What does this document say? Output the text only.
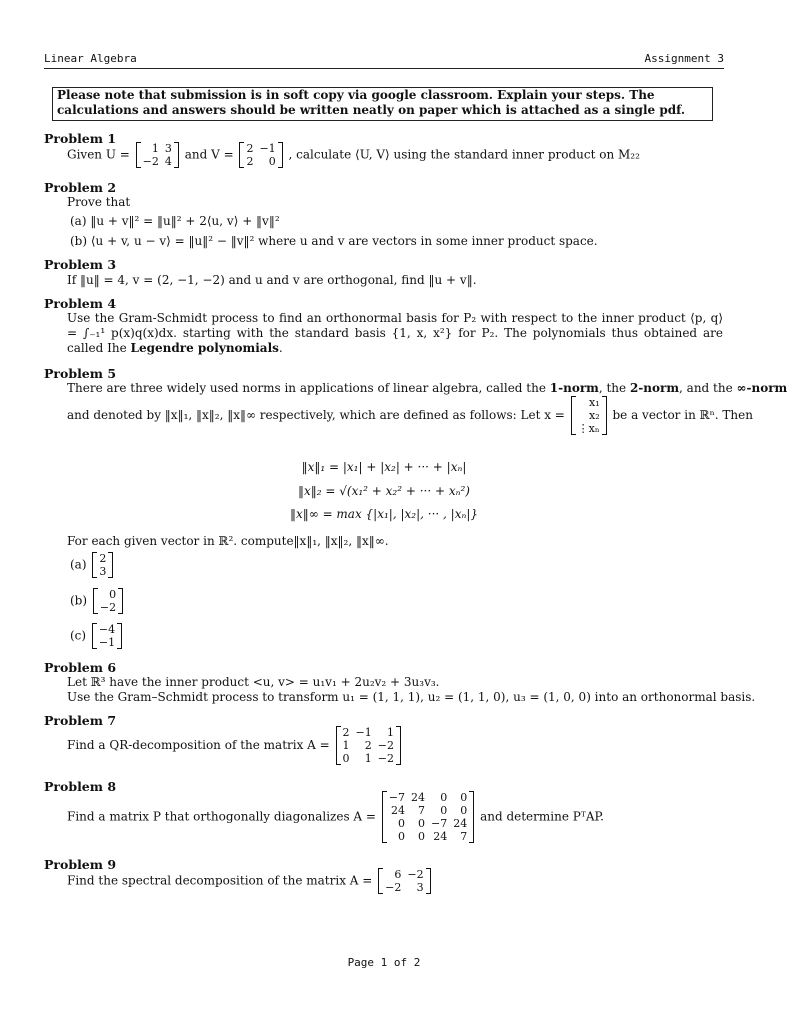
Linear Algebra	Assignment 3
Please note that submission is in soft copy via google classroom. Explain your steps. The calculations and answers should be written neatly on paper which is attached as a single pdf.
Problem 1
Given U = 1	3
−2	4 and V = 2	−1
2	0 , calculate ⟨U, V⟩ using the standard inner product on M₂₂
Problem 2
Prove that
(a) ‖u + v‖² = ‖u‖² + 2⟨u, v⟩ + ‖v‖²
(b) ⟨u + v, u − v⟩ = ‖u‖² − ‖v‖² where u and v are vectors in some inner product space.
Problem 3
If ‖u‖ = 4, v = (2, −1, −2) and u and v are orthogonal, find ‖u + v‖.
Problem 4
Use the Gram-Schmidt process to find an orthonormal basis for P₂ with respect to the inner product ⟨p, q⟩ = ∫₋₁¹ p(x)q(x)dx. starting with the standard basis {1, x, x²} for P₂. The polynomials thus obtained are called Ihe Legendre polynomials.
Problem 5
There are three widely used norms in applications of linear algebra, called the 1-norm, the 2-norm, and the ∞-norm
and denoted by ‖x‖₁, ‖x‖₂, ‖x‖∞ respectively, which are defined as follows: Let x =
x₁
x₂
⋮xₙ
be a vector in ℝⁿ. Then
‖x‖₁ = |x₁| + |x₂| + ··· + |xₙ|
‖x‖₂ = √(x₁² + x₂² + ··· + xₙ²)
‖x‖∞ = max {|x₁|, |x₂|, ··· , |xₙ|}
For each given vector in ℝ². compute‖x‖₁, ‖x‖₂, ‖x‖∞.
(a) 2
3
(b) 0
−2
(c) −4
−1
Problem 6
Let ℝ³ have the inner product <u, v> = u₁v₁ + 2u₂v₂ + 3u₃v₃.
Use the Gram–Schmidt process to transform u₁ = (1, 1, 1), u₂ = (1, 1, 0), u₃ = (1, 0, 0) into an orthonormal basis.
Problem 7
Find a QR-decomposition of the matrix A =
2	−1	1
1	2	−2
0	1	−2
Problem 8
Find a matrix P that orthogonally diagonalizes A =
−7	24	0	0
24	7	0	0
0	0	−7	24
0	0	24	7
and determine PᵀAP.
Problem 9
Find the spectral decomposition of the matrix A = 6	−2
−2	3
Page 1 of 2
